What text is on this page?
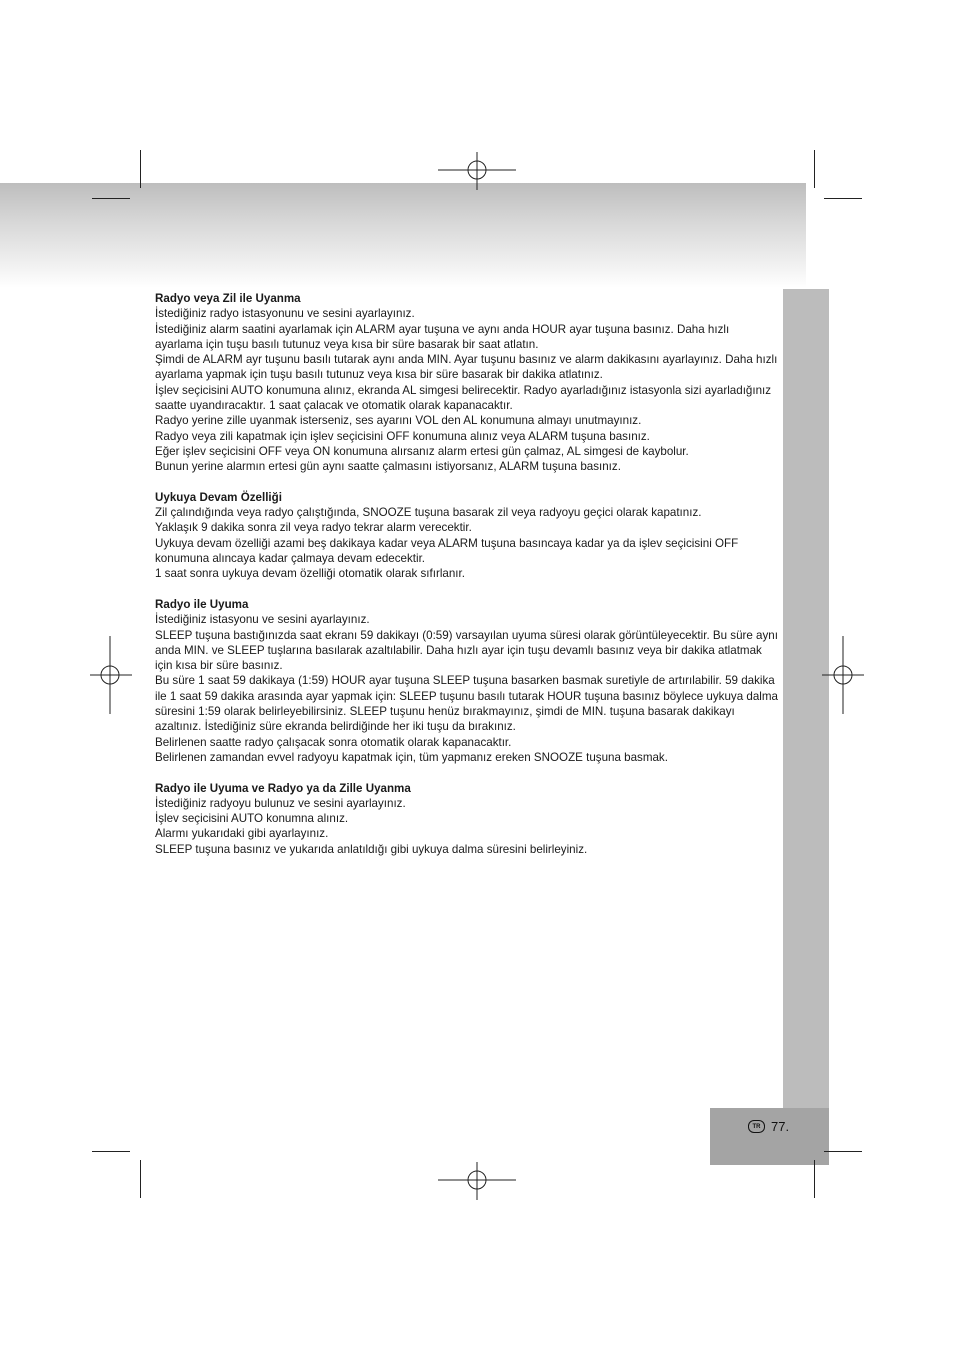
TR 77.
Radyo veya Zil ile Uyanma

İstediğiniz radyo istasyonunu ve sesini ayarlayınız.

İstediğiniz alarm saatini ayarlamak için ALARM ayar tuşuna ve aynı anda HOUR ayar tuşuna basınız. Daha hızlı ayarlama için tuşu basılı tutunuz veya kısa bir süre basarak bir saat atlatın.

Şimdi de ALARM ayr tuşunu basılı tutarak aynı anda MIN. Ayar tuşunu basınız ve alarm dakikasını ayarlayınız. Daha hızlı ayarlama yapmak için tuşu basılı tutunuz veya kısa bir süre basarak bir dakika atlatınız.

İşlev seçicisini AUTO konumuna alınız, ekranda AL simgesi belirecektir. Radyo ayarladığınız istasyonla sizi ayarladığınız saatte uyandıracaktır. 1 saat çalacak ve otomatik olarak kapanacaktır.

Radyo yerine zille uyanmak isterseniz, ses ayarını VOL den AL konumuna almayı unutmayınız.

Radyo veya zili kapatmak için işlev seçicisini OFF konumuna alınız veya ALARM tuşuna basınız.

Eğer işlev seçicisini OFF veya ON konumuna alırsanız alarm ertesi gün çalmaz, AL simgesi de kaybolur.

Bunun yerine alarmın ertesi gün aynı saatte çalmasını istiyorsanız, ALARM tuşuna basınız.

Uykuya Devam Özelliği

Zil çalındığında veya radyo çalıştığında, SNOOZE tuşuna basarak zil veya radyoyu geçici olarak kapatınız.

Yaklaşık 9 dakika sonra zil veya radyo tekrar alarm verecektir.

Uykuya devam özelliği azami beş dakikaya kadar veya ALARM tuşuna basıncaya kadar ya da işlev seçicisini OFF konumuna alıncaya kadar çalmaya devam edecektir.

1 saat sonra uykuya devam özelliği otomatik olarak sıfırlanır.

Radyo ile Uyuma

İstediğiniz istasyonu ve sesini ayarlayınız.

SLEEP tuşuna bastığınızda saat ekranı 59 dakikayı (0:59) varsayılan uyuma süresi olarak görüntüleyecektir. Bu süre aynı anda MIN. ve SLEEP tuşlarına basılarak azaltılabilir. Daha hızlı ayar için tuşu devamlı basınız veya bir dakika atlatmak için kısa bir süre basınız.

Bu süre 1 saat 59 dakikaya (1:59) HOUR ayar tuşuna SLEEP tuşuna basarken basmak suretiyle de artırılabilir. 59 dakika ile 1 saat 59 dakika arasında ayar yapmak için: SLEEP tuşunu basılı tutarak HOUR tuşuna basınız böylece uykuya dalma süresini 1:59 olarak belirleyebilirsiniz. SLEEP tuşunu henüz bırakmayınız, şimdi de MIN. tuşuna basarak dakikayı azaltınız. İstediğiniz süre ekranda belirdiğinde her iki tuşu da bırakınız.

Belirlenen saatte radyo çalışacak sonra otomatik olarak kapanacaktır.

Belirlenen zamandan evvel radyoyu kapatmak için, tüm yapmanız ereken SNOOZE tuşuna basmak.

Radyo ile Uyuma ve Radyo ya da Zille Uyanma

İstediğiniz radyoyu bulunuz ve sesini ayarlayınız.

İşlev seçicisini AUTO konumna alınız.

Alarmı yukarıdaki gibi ayarlayınız.

SLEEP tuşuna basınız ve yukarıda anlatıldığı gibi uykuya dalma süresini belirleyiniz.
